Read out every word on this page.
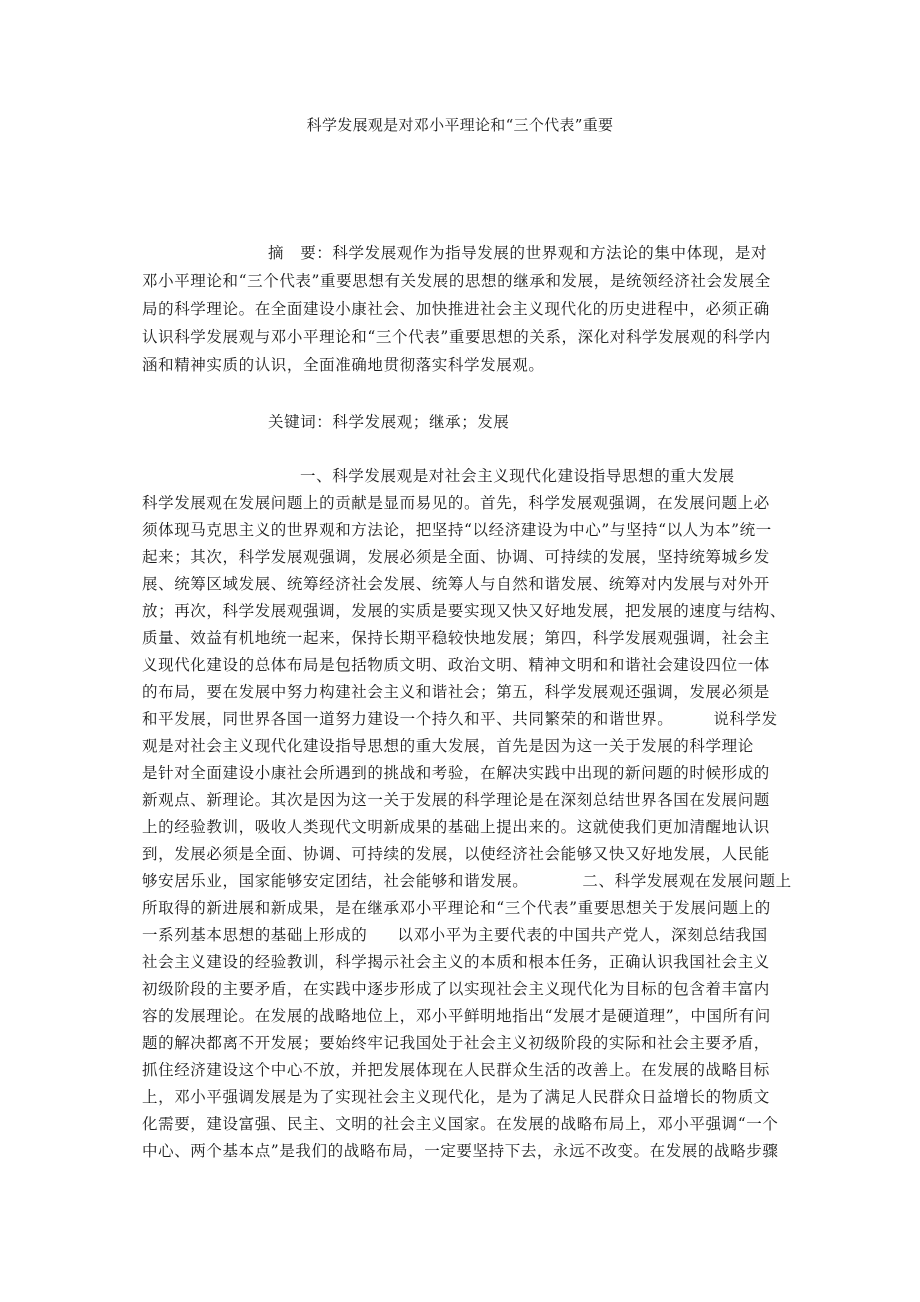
科学发展观是对邓小平理论和“三个代表”重要
摘　要：科学发展观作为指导发展的世界观和方法论的集中体现，是对
邓小平理论和“三个代表”重要思想有关发展的思想的继承和发展，是统领经济社会发展全
局的科学理论。在全面建设小康社会、加快推进社会主义现代化的历史进程中，必须正确
认识科学发展观与邓小平理论和“三个代表”重要思想的关系，深化对科学发展观的科学内
涵和精神实质的认识，全面准确地贯彻落实科学发展观。
关键词：科学发展观；继承；发展
一、科学发展观是对社会主义现代化建设指导思想的重大发展
科学发展观在发展问题上的贡献是显而易见的。首先，科学发展观强调，在发展问题上必
须体现马克思主义的世界观和方法论，把坚持“以经济建设为中心”与坚持“以人为本”统一
起来；其次，科学发展观强调，发展必须是全面、协调、可持续的发展，坚持统筹城乡发
展、统筹区域发展、统筹经济社会发展、统筹人与自然和谐发展、统筹对内发展与对外开
放；再次，科学发展观强调，发展的实质是要实现又快又好地发展，把发展的速度与结构、
质量、效益有机地统一起来，保持长期平稳较快地发展；第四，科学发展观强调，社会主
义现代化建设的总体布局是包括物质文明、政治文明、精神文明和和谐社会建设四位一体
的布局，要在发展中努力构建社会主义和谐社会；第五，科学发展观还强调，发展必须是
和平发展，同世界各国一道努力建设一个持久和平、共同繁荣的和谐世界。	说科学发
观是对社会主义现代化建设指导思想的重大发展，首先是因为这一关于发展的科学理论
是针对全面建设小康社会所遇到的挑战和考验，在解决实践中出现的新问题的时候形成的
新观点、新理论。其次是因为这一关于发展的科学理论是在深刻总结世界各国在发展问题
上的经验教训，吸收人类现代文明新成果的基础上提出来的。这就使我们更加清醒地认识
到，发展必须是全面、协调、可持续的发展，以使经济社会能够又快又好地发展，人民能
够安居乐业，国家能够安定团结，社会能够和谐发展。	二、科学发展观在发展问题上
所取得的新进展和新成果，是在继承邓小平理论和“三个代表”重要思想关于发展问题上的
一系列基本思想的基础上形成的 以邓小平为主要代表的中国共产党人，深刻总结我国
社会主义建设的经验教训，科学揭示社会主义的本质和根本任务，正确认识我国社会主义
初级阶段的主要矛盾，在实践中逐步形成了以实现社会主义现代化为目标的包含着丰富内
容的发展理论。在发展的战略地位上，邓小平鲜明地指出“发展才是硬道理”，中国所有问
题的解决都离不开发展；要始终牢记我国处于社会主义初级阶段的实际和社会主要矛盾，
抓住经济建设这个中心不放，并把发展体现在人民群众生活的改善上。在发展的战略目标
上，邓小平强调发展是为了实现社会主义现代化，是为了满足人民群众日益增长的物质文
化需要，建设富强、民主、文明的社会主义国家。在发展的战略布局上，邓小平强调“一个
中心、两个基本点”是我们的战略布局，一定要坚持下去，永远不改变。在发展的战略步骤
